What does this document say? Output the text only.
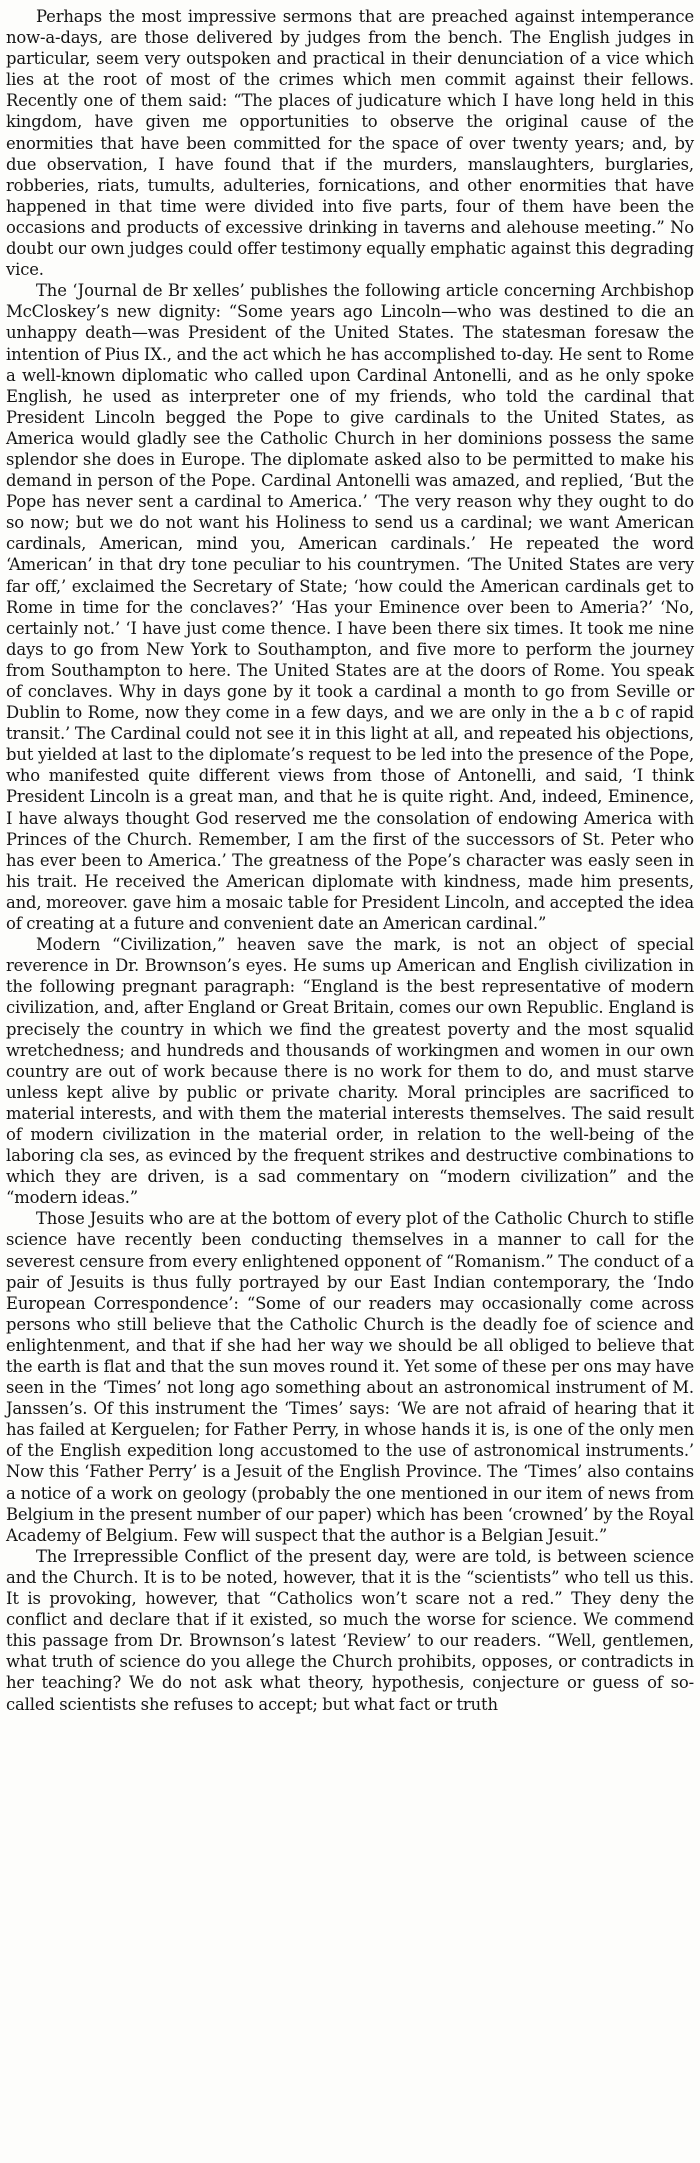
Perhaps the most impressive sermons that are preached against intemperance now-a-days, are those delivered by judges from the bench. The English judges in particular, seem very outspoken and practical in their denunciation of a vice which lies at the root of most of the crimes which men commit against their fellows. Recently one of them said: “The places of judicature which I have long held in this kingdom, have given me opportunities to observe the original cause of the enormities that have been committed for the space of over twenty years; and, by due observation, I have found that if the murders, manslaughters, burglaries, robberies, riats, tumults, adulteries, fornications, and other enormities that have happened in that time were divided into five parts, four of them have been the occasions and products of excessive drinking in taverns and alehouse meeting.” No doubt our own judges could offer testimony equally emphatic against this degrading vice.

The ‘Journal de Br xelles’ publishes the following article concerning Archbishop McCloskey’s new dignity: “Some years ago Lincoln—who was destined to die an unhappy death—was President of the United States. The statesman foresaw the intention of Pius IX., and the act which he has accomplished to-day. He sent to Rome a well-known diplomatic who called upon Cardinal Antonelli, and as he only spoke English, he used as interpreter one of my friends, who told the cardinal that President Lincoln begged the Pope to give cardinals to the United States, as America would gladly see the Catholic Church in her dominions possess the same splendor she does in Europe. The diplomate asked also to be permitted to make his demand in person of the Pope. Cardinal Antonelli was amazed, and replied, ‘But the Pope has never sent a cardinal to America.’ ‘The very reason why they ought to do so now; but we do not want his Holiness to send us a cardinal; we want American cardinals, American, mind you, American cardinals.’ He repeated the word ‘American’ in that dry tone peculiar to his countrymen. ‘The United States are very far off,’ exclaimed the Secretary of State; ‘how could the American cardinals get to Rome in time for the conclaves?’ ‘Has your Eminence over been to Ameria?’ ‘No, certainly not.’ ‘I have just come thence. I have been there six times. It took me nine days to go from New York to Southampton, and five more to perform the journey from Southampton to here. The United States are at the doors of Rome. You speak of conclaves. Why in days gone by it took a cardinal a month to go from Seville or Dublin to Rome, now they come in a few days, and we are only in the a b c of rapid transit.’ The Cardinal could not see it in this light at all, and repeated his objections, but yielded at last to the diplomate’s request to be led into the presence of the Pope, who manifested quite different views from those of Antonelli, and said, ‘I think President Lincoln is a great man, and that he is quite right. And, indeed, Eminence, I have always thought God reserved me the consolation of endowing America with Princes of the Church. Remember, I am the first of the successors of St. Peter who has ever been to America.’ The greatness of the Pope’s character was easly seen in his trait. He received the American diplomate with kindness, made him presents, and, moreover. gave him a mosaic table for President Lincoln, and accepted the idea of creating at a future and convenient date an American cardinal.”

Modern “Civilization,” heaven save the mark, is not an object of special reverence in Dr. Brownson’s eyes. He sums up American and English civilization in the following pregnant paragraph: “England is the best representative of modern civilization, and, after England or Great Britain, comes our own Republic. England is precisely the country in which we find the greatest poverty and the most squalid wretchedness; and hundreds and thousands of workingmen and women in our own country are out of work because there is no work for them to do, and must starve unless kept alive by public or private charity. Moral principles are sacrificed to material interests, and with them the material interests themselves. The said result of modern civilization in the material order, in relation to the well-being of the laboring cla ses, as evinced by the frequent strikes and destructive combinations to which they are driven, is a sad commentary on “modern civilization” and the “modern ideas.”

Those Jesuits who are at the bottom of every plot of the Catholic Church to stifle science have recently been conducting themselves in a manner to call for the severest censure from every enlightened opponent of “Romanism.” The conduct of a pair of Jesuits is thus fully portrayed by our East Indian contemporary, the ‘Indo European Correspondence’: “Some of our readers may occasionally come across persons who still believe that the Catholic Church is the deadly foe of science and enlightenment, and that if she had her way we should be all obliged to believe that the earth is flat and that the sun moves round it. Yet some of these per ons may have seen in the ‘Times’ not long ago something about an astronomical instrument of M. Janssen’s. Of this instrument the ‘Times’ says: ‘We are not afraid of hearing that it has failed at Kerguelen; for Father Perry, in whose hands it is, is one of the only men of the English expedition long accustomed to the use of astronomical instruments.’ Now this ‘Father Perry’ is a Jesuit of the English Province. The ‘Times’ also contains a notice of a work on geology (probably the one mentioned in our item of news from Belgium in the present number of our paper) which has been ‘crowned’ by the Royal Academy of Belgium. Few will suspect that the author is a Belgian Jesuit.”

The Irrepressible Conflict of the present day, were are told, is between science and the Church. It is to be noted, however, that it is the “scientists” who tell us this. It is provoking, however, that “Catholics won’t scare not a red.” They deny the conflict and declare that if it existed, so much the worse for science. We commend this passage from Dr. Brownson’s latest ‘Review’ to our readers. “Well, gentlemen, what truth of science do you allege the Church prohibits, opposes, or contradicts in her teaching? We do not ask what theory, hypothesis, conjecture or guess of so-called scientists she refuses to accept; but what fact or truth
